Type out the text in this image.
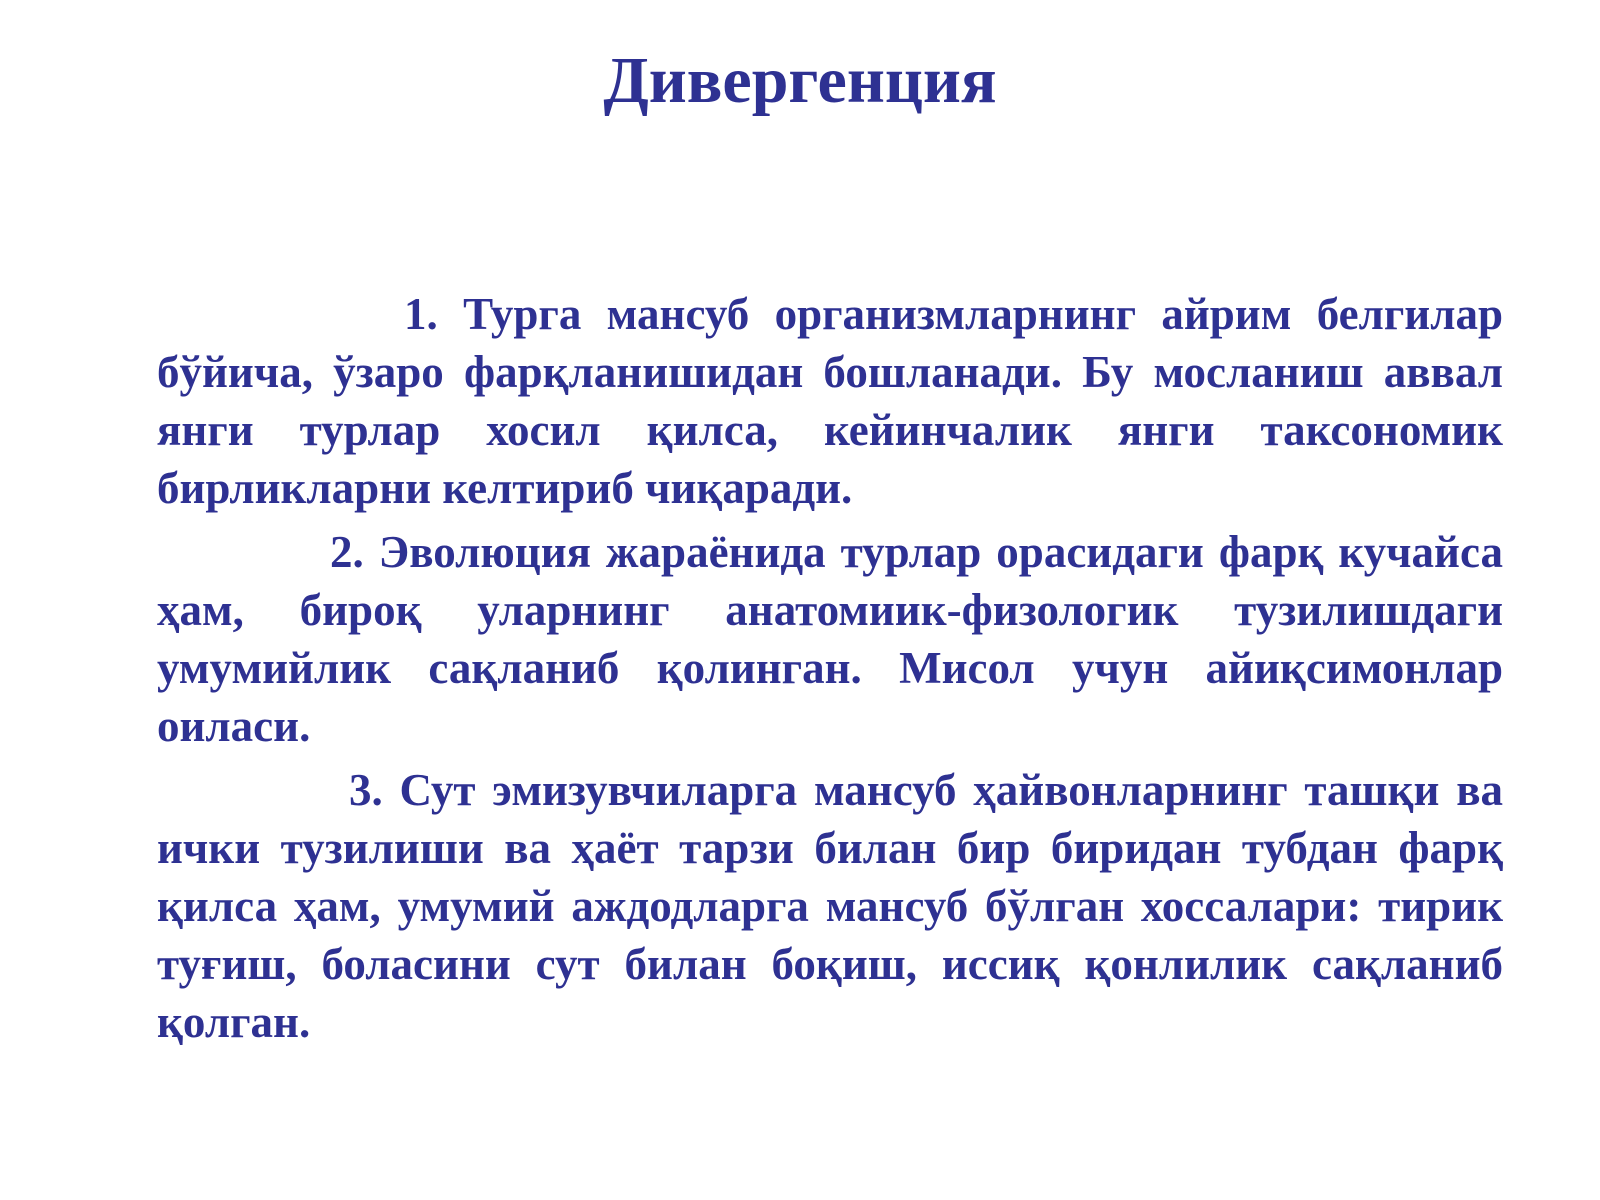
Дивергенция

1. Турга мансуб организмларнинг айрим белгилар бўйича, ўзаро фарқланишидан бошланади. Бу мосланиш аввал янги турлар хосил қилса, кейинчалик янги таксономик бирликларни келтириб чиқаради.

2. Эволюция жараёнида турлар орасидаги фарқ кучайса ҳам, бироқ уларнинг анатомиик-физологик тузилишдаги умумийлик сақланиб қолинган. Мисол учун айиқсимонлар оиласи.

3. Сут эмизувчиларга мансуб ҳайвонларнинг ташқи ва ички тузилиши ва ҳаёт тарзи билан бир биридан тубдан фарқ қилса ҳам, умумий аждодларга мансуб бўлган хоссалари: тирик туғиш, боласини сут билан боқиш, иссиқ қонлилик сақланиб қолган.
